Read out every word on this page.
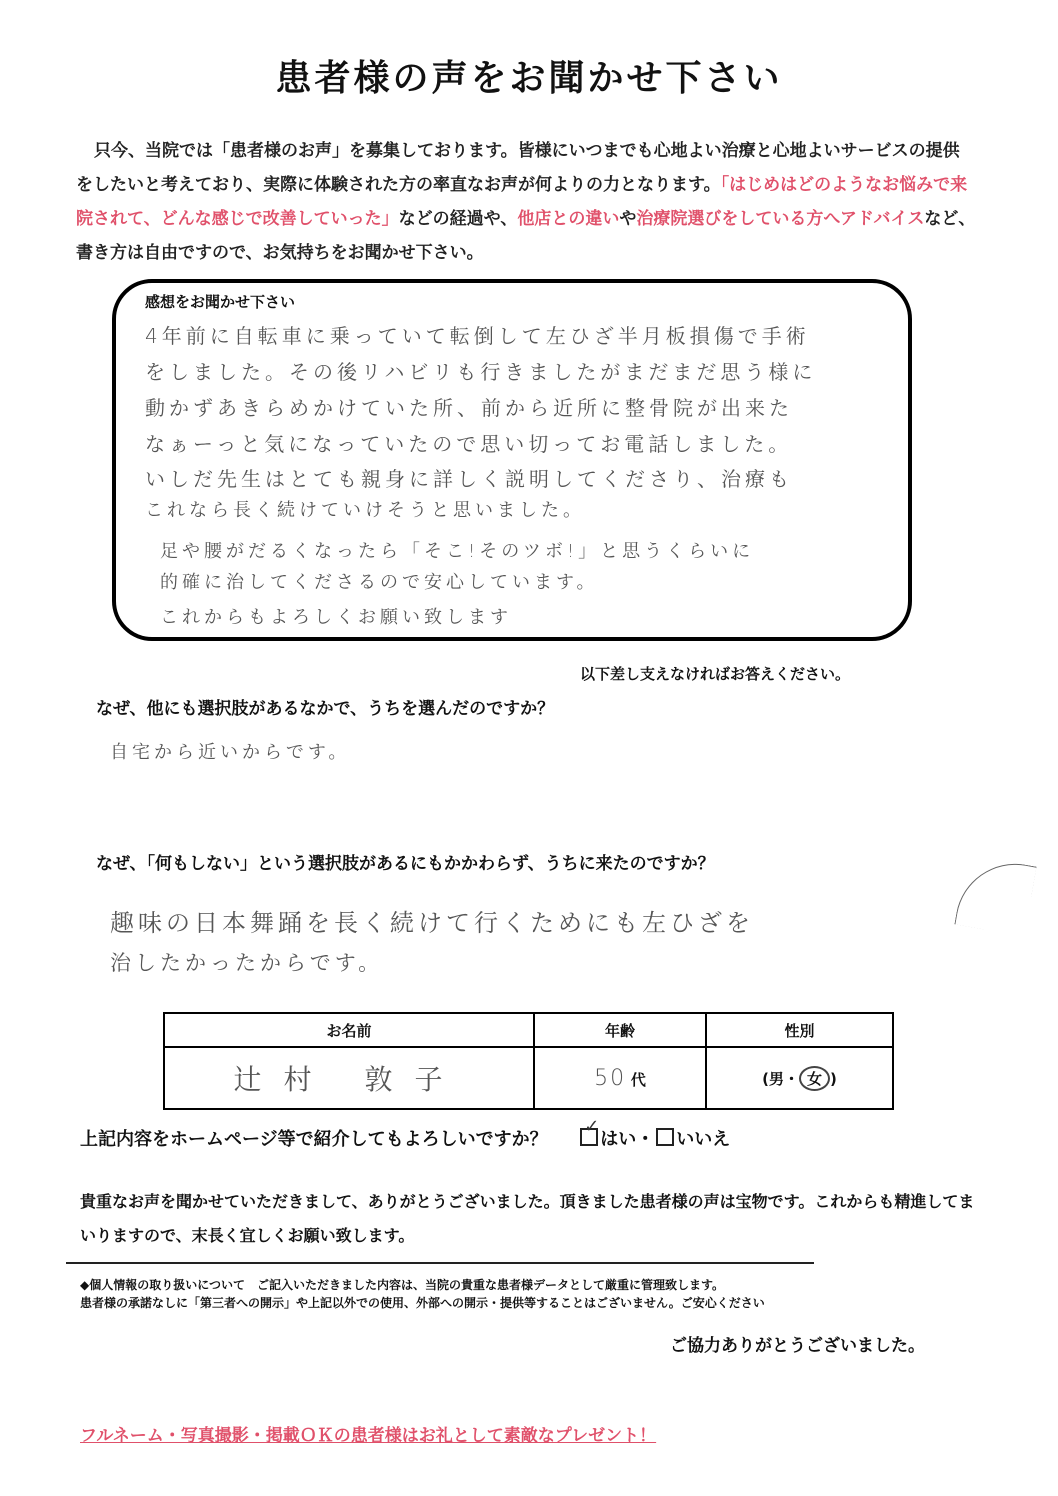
患者様の声をお聞かせ下さい
只今、当院では「患者様のお声」を募集しております。皆様にいつまでも心地よい治療と心地よいサービスの提供をしたいと考えており、実際に体験された方の率直なお声が何よりの力となります。「はじめはどのようなお悩みで来院されて、どんな感じで改善していった」などの経過や、他店との違いや治療院選びをしている方へアドバイスなど、書き方は自由ですので、お気持ちをお聞かせ下さい。
感想をお聞かせ下さい
4年前に自転車に乗っていて転倒して左ひざ半月板損傷で手術
をしました。その後リハビリも行きましたがまだまだ思う様に
動かずあきらめかけていた所、前から近所に整骨院が出来た
なぁーっと気になっていたので思い切ってお電話しました。
いしだ先生はとても親身に詳しく説明してくださり、治療も
これなら長く続けていけそうと思いました。
足や腰がだるくなったら「そこ!そのツボ!」と思うくらいに
的確に治してくださるので安心しています。
これからもよろしくお願い致します
以下差し支えなければお答えください。
なぜ、他にも選択肢があるなかで、うちを選んだのですか？
自宅から近いからです。
なぜ、「何もしない」という選択肢があるにもかかわらず、うちに来たのですか？
趣味の日本舞踊を長く続けて行くためにも左ひざを
治したかったからです。
お名前	年齢	性別
辻村 敦子	50 代	(男・ 女 )
上記内容をホームページ等で紹介してもよろしいですか？ ✓	はい・ いいえ
貴重なお声を聞かせていただきまして、ありがとうございました。頂きました患者様の声は宝物です。これからも精進してまいりますので、末長く宜しくお願い致します。
◆個人情報の取り扱いについて　ご記入いただきました内容は、当院の貴重な患者様データとして厳重に管理致します。
患者様の承諾なしに「第三者への開示」や上記以外での使用、外部への開示・提供等することはございません。ご安心ください
ご協力ありがとうございました。
フルネーム・写真撮影・掲載ＯＫの患者様はお礼として素敵なプレゼント！
